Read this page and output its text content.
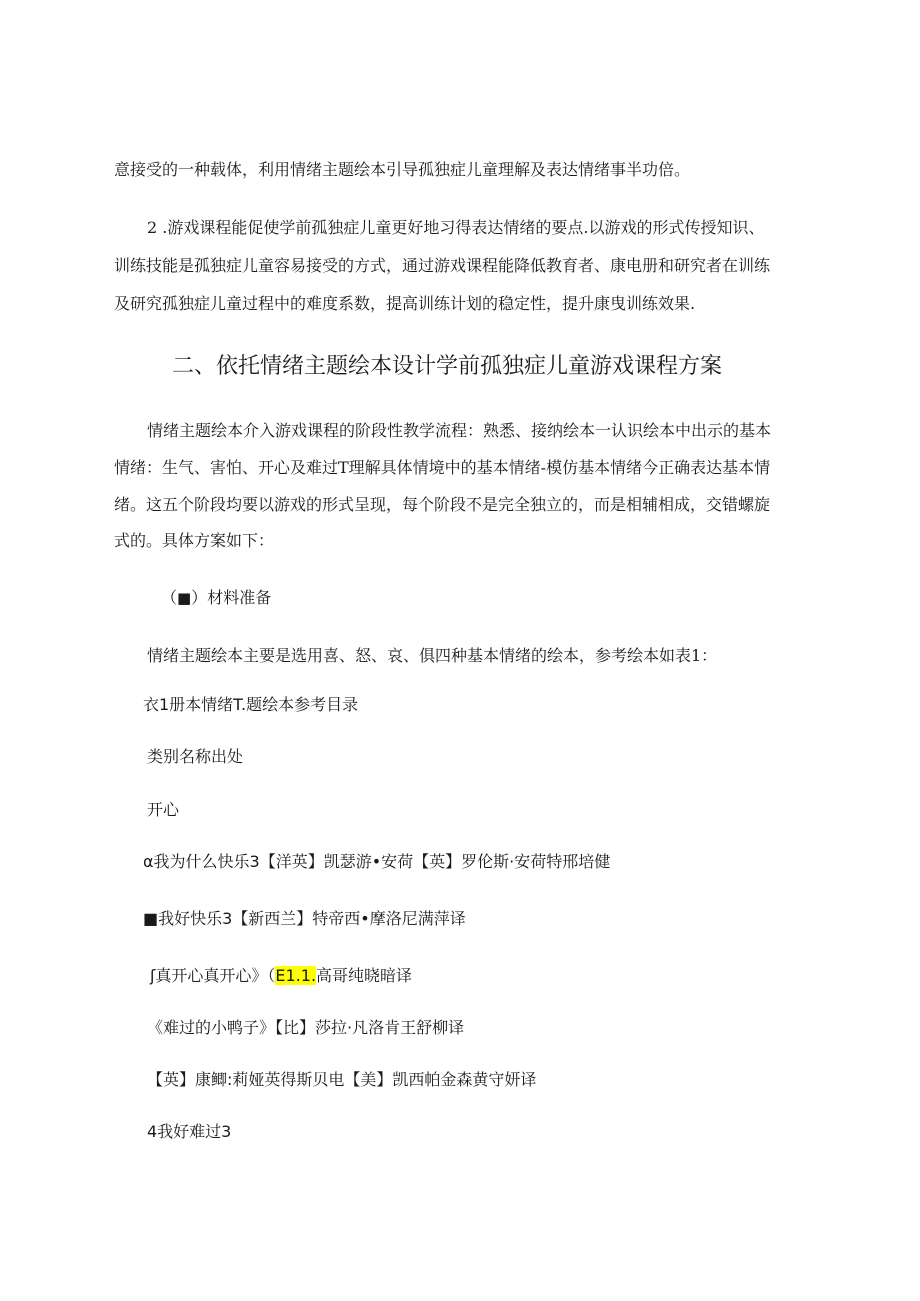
意接受的一种载体，利用情绪主题绘本引导孤独症儿童理解及表达情绪事半功倍。
2 .游戏课程能促使学前孤独症儿童更好地习得表达情绪的要点.以游戏的形式传授知识、
训练技能是孤独症儿童容易接受的方式，通过游戏课程能降低教育者、康电册和研究者在训练
及研究孤独症儿童过程中的难度系数，提高训练计划的稳定性，提升康曳训练效果.
二、依托情绪主题绘本设计学前孤独症儿童游戏课程方案
情绪主题绘本介入游戏课程的阶段性教学流程：熟悉、接纳绘本一认识绘本中出示的基本
情绪：生气、害怕、开心及难过T理解具体情境中的基本情绪-模仿基本情绪今正确表达基本情
绪。这五个阶段均要以游戏的形式呈现，每个阶段不是完全独立的，而是相辅相成，交错螺旋
式的。具体方案如下：
（■）材料准备
情绪主题绘本主要是选用喜、怒、哀、俱四种基本情绪的绘本，参考绘本如表1：
衣1册本情绪T.题绘本参考目录
类别名称出处
开心
α我为什么快乐3【洋英】凯瑟游•安荷【英】罗伦斯·安荷特邢培健
■我好快乐3【新西兰】特帝西•摩洛尼满萍译
ʃ真开心真开心》（E1.1.高哥纯晓暗译
《难过的小鸭子》【比】莎拉·凡洛肯王舒柳译
【英】康鲫:莉娅英得斯贝电【美】凯西帕金森黄守妍译
4我好难过3
